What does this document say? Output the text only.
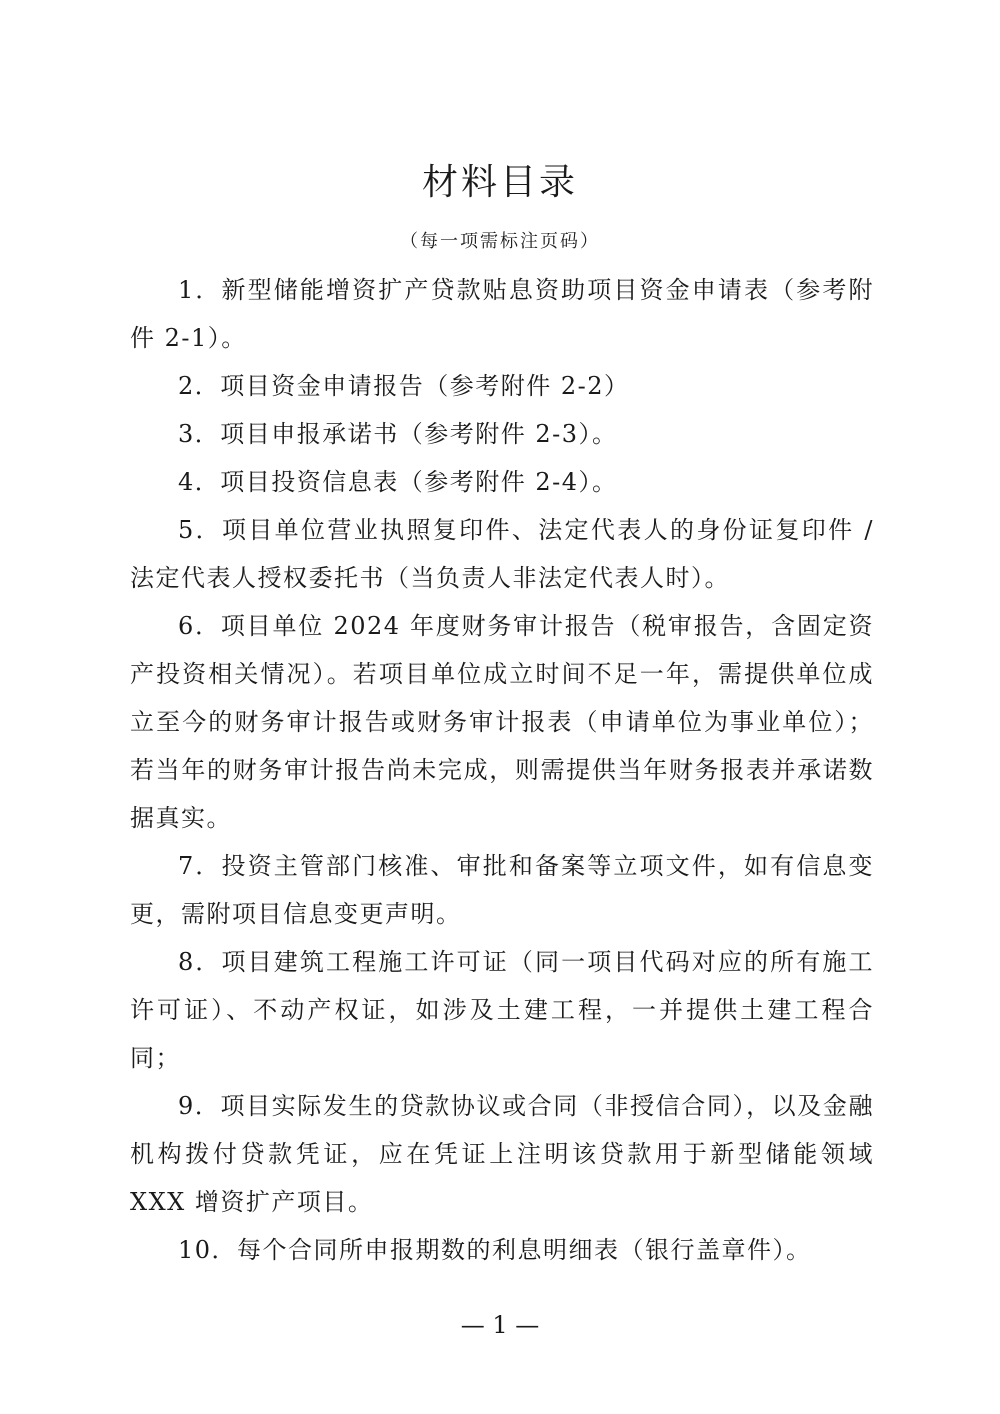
材料目录

（每一项需标注页码）

1．新型储能增资扩产贷款贴息资助项目资金申请表（参考附件 2-1）。
2．项目资金申请报告（参考附件 2-2）
3．项目申报承诺书（参考附件 2-3）。
4．项目投资信息表（参考附件 2-4）。
5．项目单位营业执照复印件、法定代表人的身份证复印件 / 法定代表人授权委托书（当负责人非法定代表人时）。
6．项目单位 2024 年度财务审计报告（税审报告，含固定资产投资相关情况）。若项目单位成立时间不足一年，需提供单位成立至今的财务审计报告或财务审计报表（申请单位为事业单位）；若当年的财务审计报告尚未完成，则需提供当年财务报表并承诺数据真实。
7．投资主管部门核准、审批和备案等立项文件，如有信息变更，需附项目信息变更声明。
8．项目建筑工程施工许可证（同一项目代码对应的所有施工许可证）、不动产权证，如涉及土建工程，一并提供土建工程合同；
9．项目实际发生的贷款协议或合同（非授信合同），以及金融机构拨付贷款凭证，应在凭证上注明该贷款用于新型储能领域 XXX 增资扩产项目。
10．每个合同所申报期数的利息明细表（银行盖章件）。

— 1 —
